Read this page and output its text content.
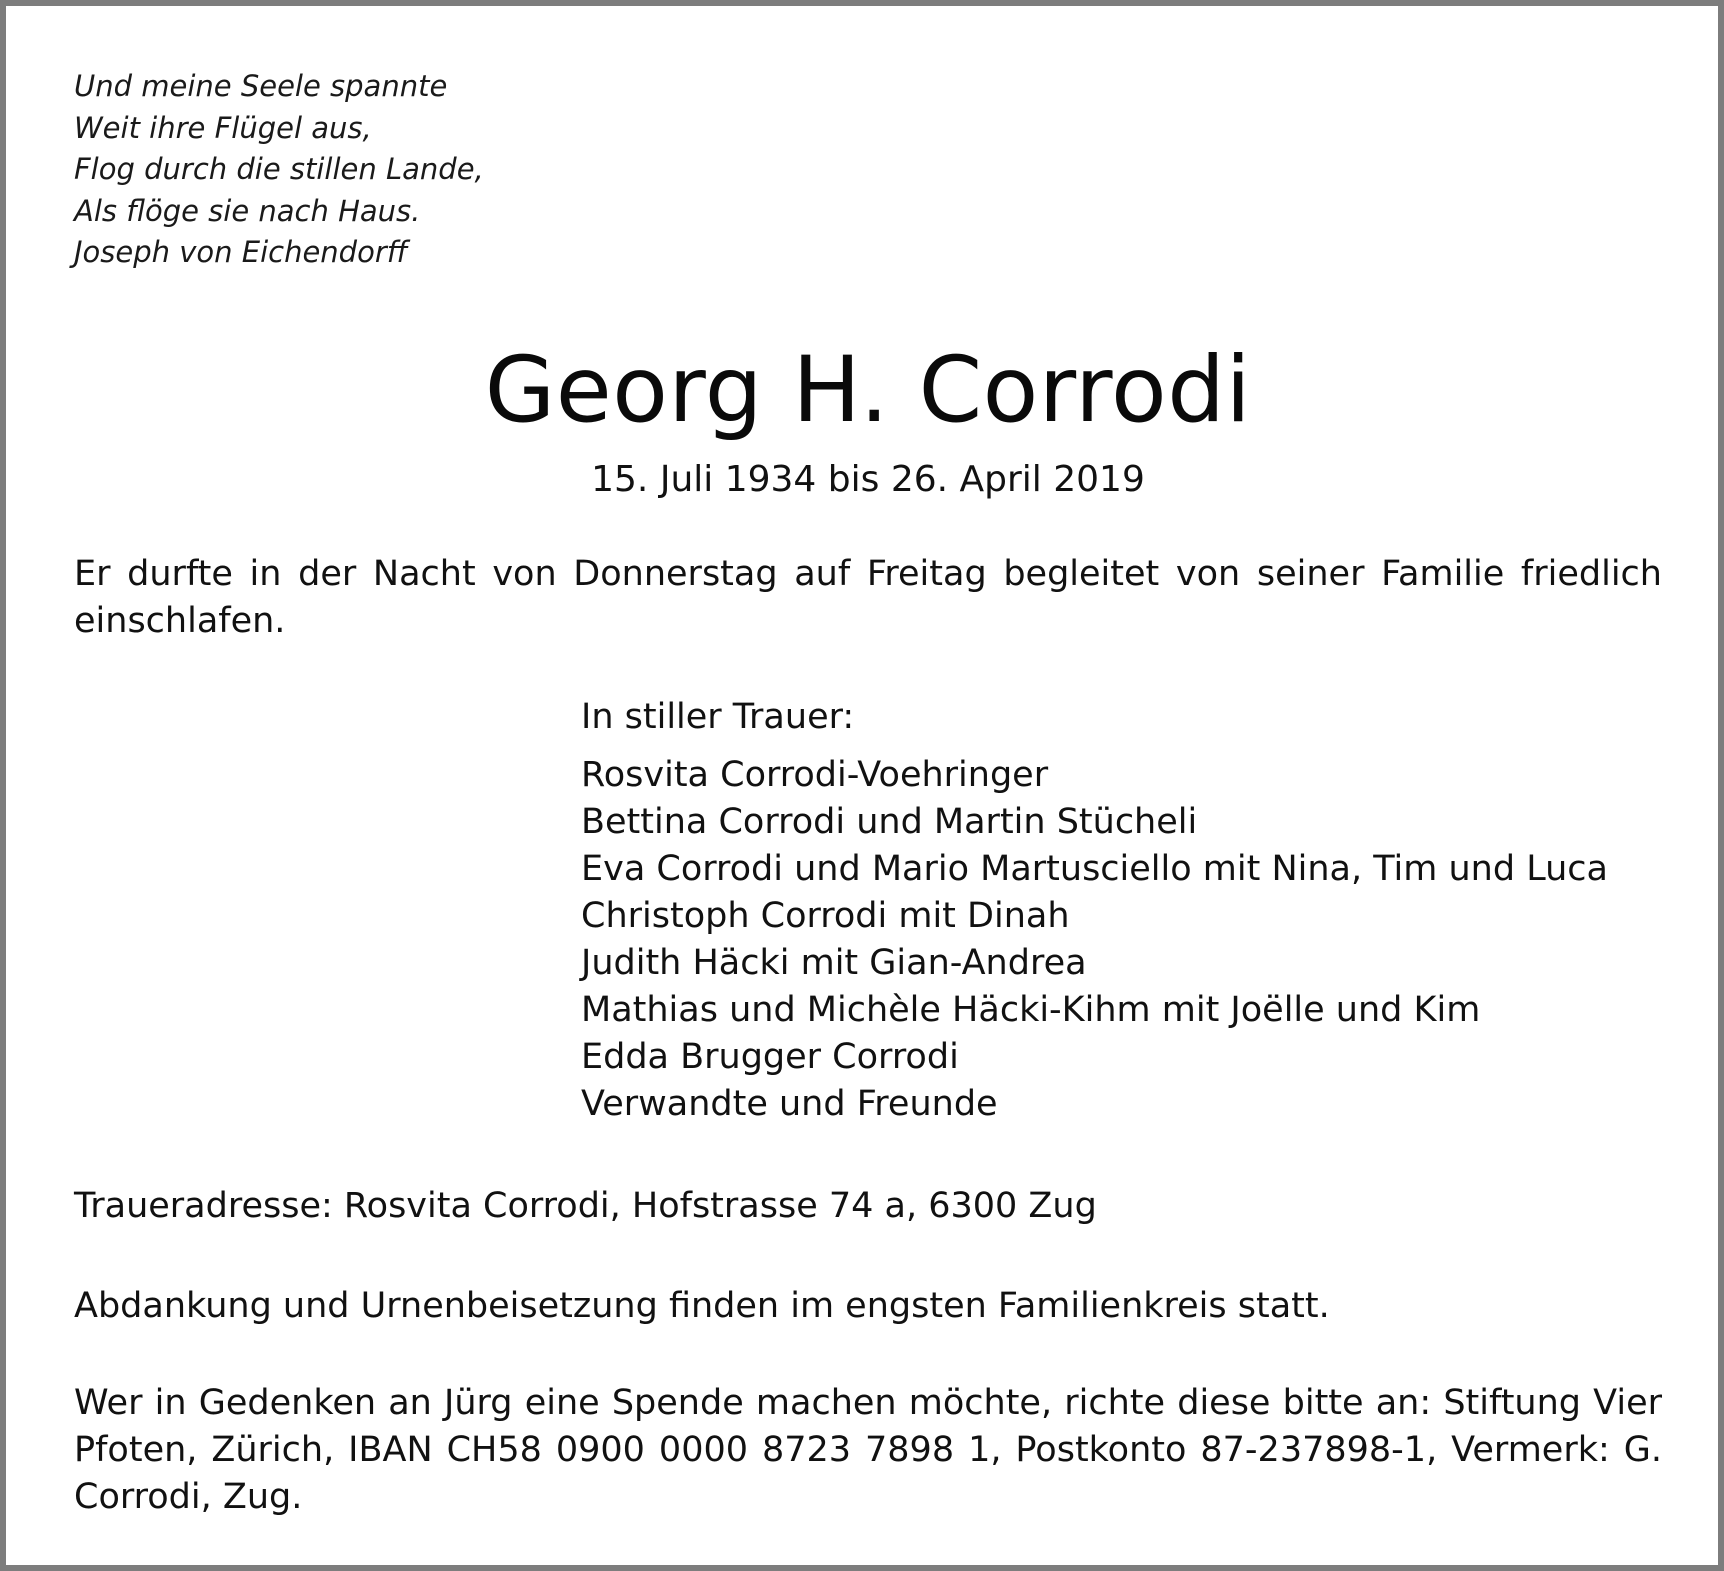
Und meine Seele spannte
Weit ihre Flügel aus,
Flog durch die stillen Lande,
Als flöge sie nach Haus.
Joseph von Eichendorff
Georg H. Corrodi
15. Juli 1934 bis 26. April 2019
Er durfte in der Nacht von Donnerstag auf Freitag begleitet von seiner Familie friedlich einschlafen.
In stiller Trauer:
Rosvita Corrodi-Voehringer
Bettina Corrodi und Martin Stücheli
Eva Corrodi und Mario Martusciello mit Nina, Tim und Luca
Christoph Corrodi mit Dinah
Judith Häcki mit Gian-Andrea
Mathias und Michèle Häcki-Kihm mit Joëlle und Kim
Edda Brugger Corrodi
Verwandte und Freunde
Traueradresse: Rosvita Corrodi, Hofstrasse 74 a, 6300 Zug
Abdankung und Urnenbeisetzung finden im engsten Familienkreis statt.
Wer in Gedenken an Jürg eine Spende machen möchte, richte diese bitte an: Stiftung Vier Pfoten, Zürich, IBAN CH58 0900 0000 8723 7898 1, Postkonto 87-237898-1, Vermerk: G. Corrodi, Zug.
